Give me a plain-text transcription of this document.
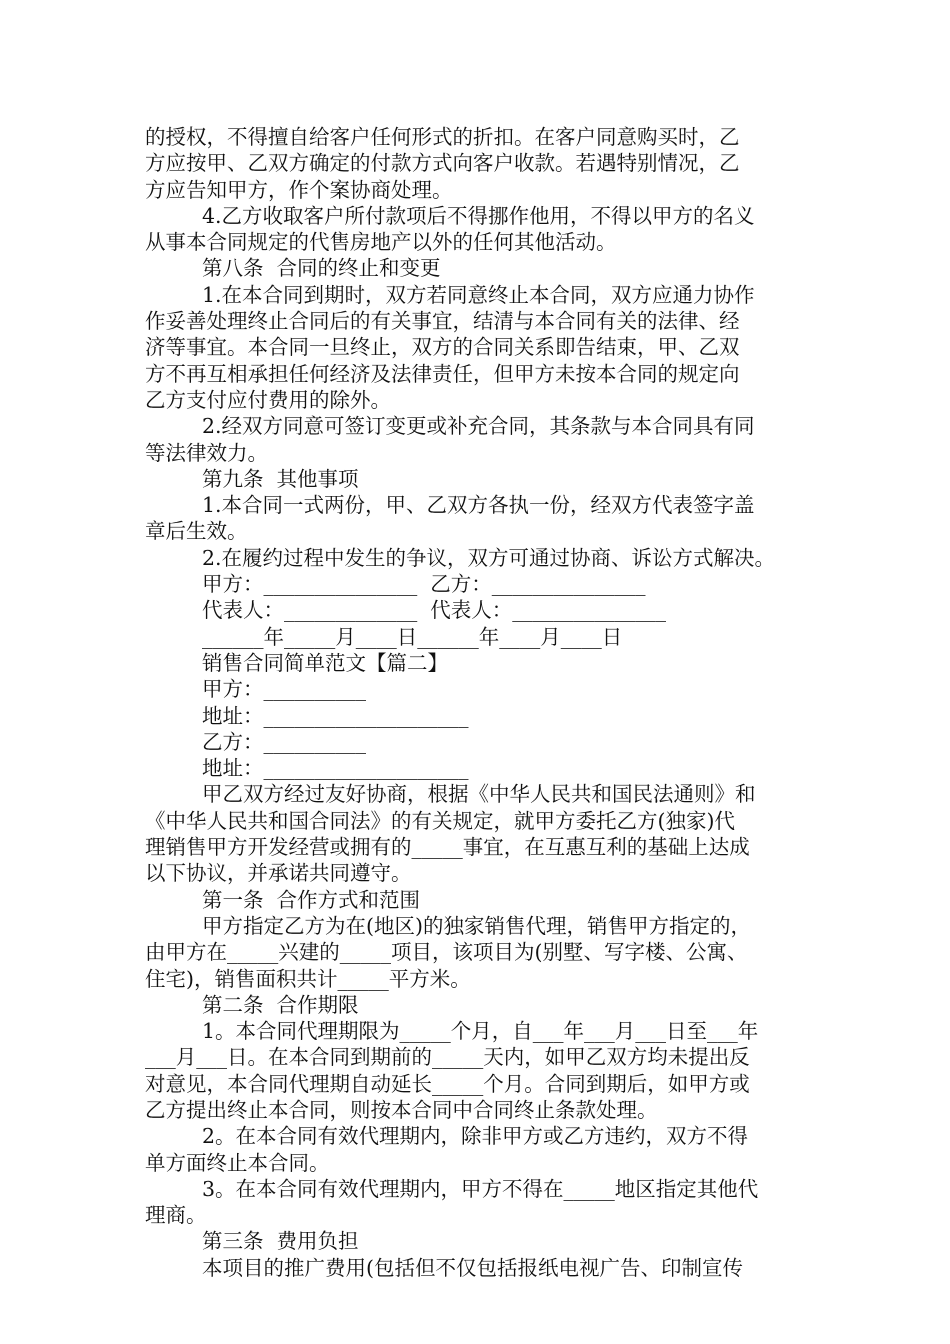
的授权，不得擅自给客户任何形式的折扣。在客户同意购买时，乙
方应按甲、乙双方确定的付款方式向客户收款。若遇特别情况，乙
方应告知甲方，作个案协商处理。
4.乙方收取客户所付款项后不得挪作他用，不得以甲方的名义
从事本合同规定的代售房地产以外的任何其他活动。
第八条  合同的终止和变更
1.在本合同到期时，双方若同意终止本合同，双方应通力协作
作妥善处理终止合同后的有关事宜，结清与本合同有关的法律、经
济等事宜。本合同一旦终止，双方的合同关系即告结束，甲、乙双
方不再互相承担任何经济及法律责任，但甲方未按本合同的规定向
乙方支付应付费用的除外。
2.经双方同意可签订变更或补充合同，其条款与本合同具有同
等法律效力。
第九条  其他事项
1.本合同一式两份，甲、乙双方各执一份，经双方代表签字盖
章后生效。
2.在履约过程中发生的争议，双方可通过协商、诉讼方式解决。
甲方：_______________  乙方：_______________
代表人：_____________  代表人：_______________
______年_____月____日______年____月____日
销售合同简单范文【篇二】
甲方：__________
地址：____________________
乙方：__________
地址：____________________
甲乙双方经过友好协商，根据《中华人民共和国民法通则》和
《中华人民共和国合同法》的有关规定，就甲方委托乙方(独家)代
理销售甲方开发经营或拥有的_____事宜，在互惠互利的基础上达成
以下协议，并承诺共同遵守。
第一条  合作方式和范围
甲方指定乙方为在(地区)的独家销售代理，销售甲方指定的，
由甲方在_____兴建的_____项目，该项目为(别墅、写字楼、公寓、
住宅)，销售面积共计_____平方米。
第二条  合作期限
1。本合同代理期限为_____个月，自___年___月___日至___年
___月___日。在本合同到期前的_____天内，如甲乙双方均未提出反
对意见，本合同代理期自动延长_____个月。合同到期后，如甲方或
乙方提出终止本合同，则按本合同中合同终止条款处理。
2。在本合同有效代理期内，除非甲方或乙方违约，双方不得
单方面终止本合同。
3。在本合同有效代理期内，甲方不得在_____地区指定其他代
理商。
第三条  费用负担
本项目的推广费用(包括但不仅包括报纸电视广告、印制宣传
